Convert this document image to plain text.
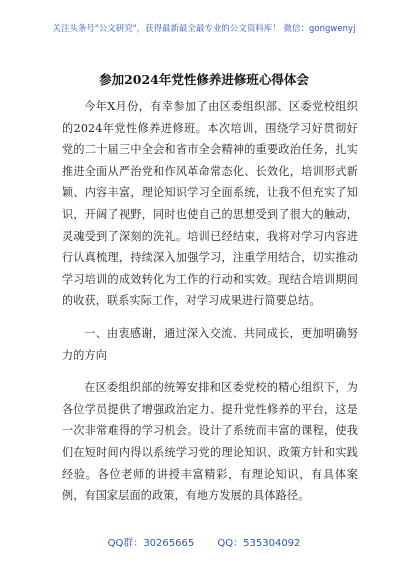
关注头条号"公文研究"，获得最新最全最专业的公文资料库！ 微信：gongwenyj
参加2024年党性修养进修班心得体会

今年X月份，有幸参加了由区委组织部、区委党校组织的2024年党性修养进修班。本次培训，围绕学习好贯彻好党的二十届三中全会和省市全会精神的重要政治任务，扎实推进全面从严治党和作风革命常态化、长效化，培训形式新颖、内容丰富，理论知识学习全面系统，让我不但充实了知识，开阔了视野，同时也使自己的思想受到了很大的触动，灵魂受到了深刻的洗礼。培训已经结束，我将对学习内容进行认真梳理，持续深入加强学习，注重学用结合，切实推动学习培训的成效转化为工作的行动和实效。现结合培训期间的收获，联系实际工作，对学习成果进行简要总结。

一、由衷感谢，通过深入交流、共同成长，更加明确努力的方向

在区委组织部的统筹安排和区委党校的精心组织下，为各位学员提供了增强政治定力、提升党性修养的平台，这是一次非常难得的学习机会。设计了系统而丰富的课程，使我们在短时间内得以系统学习党的理论知识、政策方针和实践经验。各位老师的讲授丰富精彩，有理论知识，有具体案例，有国家层面的政策，有地方发展的具体路径。

QQ群：30265665 QQ：535304092
